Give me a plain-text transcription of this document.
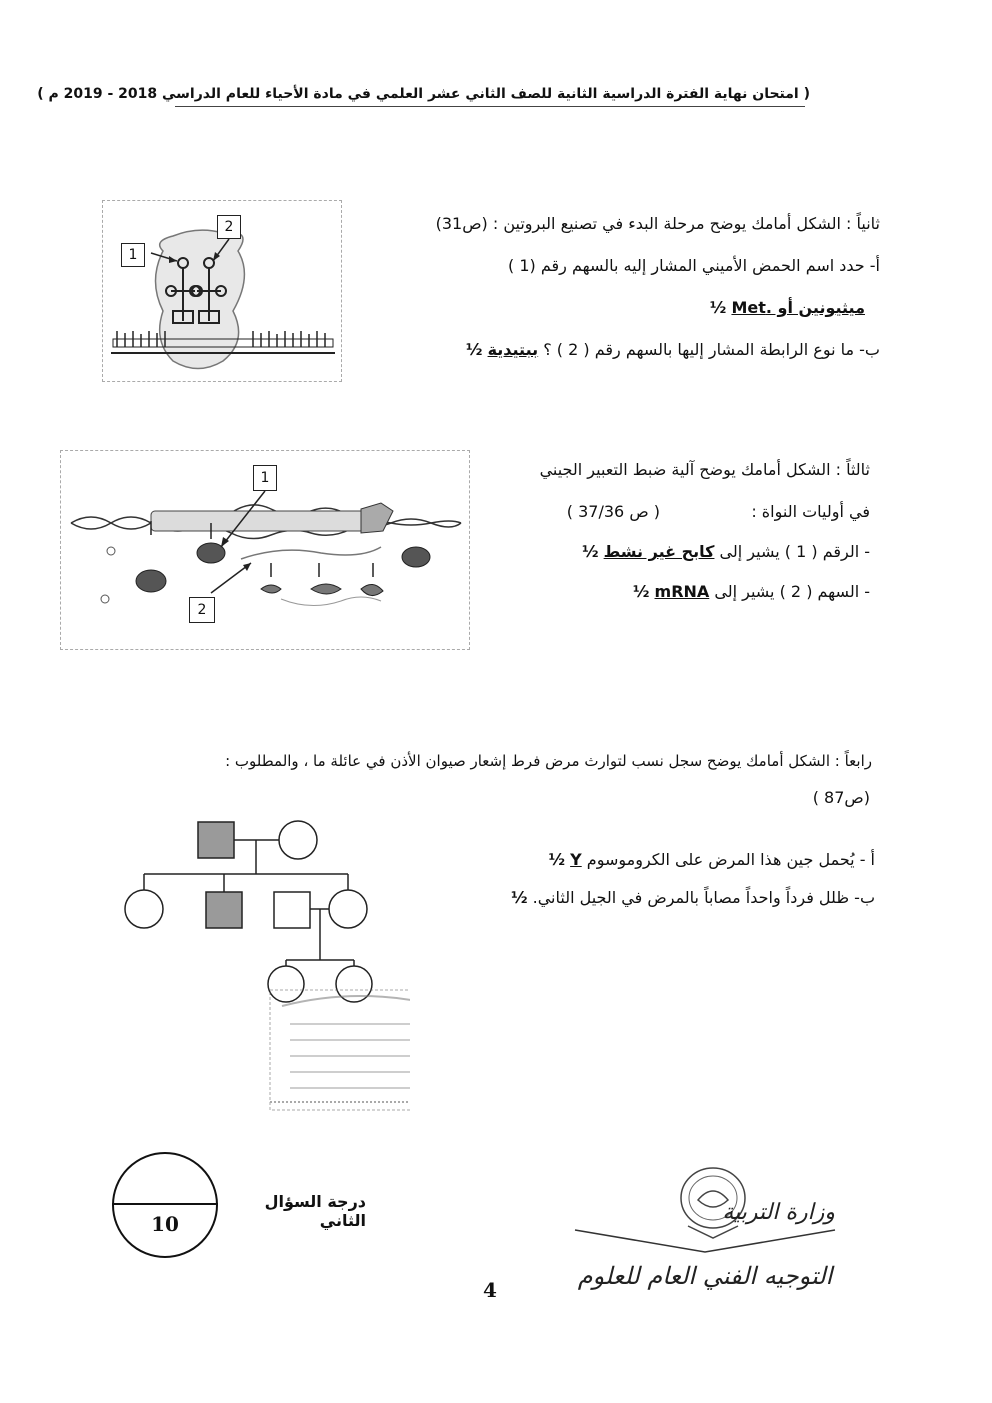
( امتحان نهاية الفترة الدراسية الثانية للصف الثاني عشر العلمي في مادة الأحياء للعام الدراسي 2018 - 2019 م )
1
2	ثانياً : الشكل أمامك يوضح مرحلة البدء في تصنيع البروتين : (ص31)
أ- حدد اسم الحمض الأميني المشار إليه بالسهم رقم (1 )
ميثيونين أو .Met ½
ب- ما نوع الرابطة المشار إليها بالسهم رقم ( 2 ) ؟ ببتيدية ½
1
2
ثالثاً : الشكل أمامك يوضح آلية ضبط التعبير الجيني
في أوليات النواة :
( ص 37/36 )
- الرقم ( 1 ) يشير إلى كابح غير نشط ½
- السهم ( 2 ) يشير إلى mRNA ½
رابعاً : الشكل أمامك يوضح سجل نسب لتوارث مرض فرط إشعار صيوان الأذن في عائلة ما ، والمطلوب :
(ص87 )
أ - يُحمل جين هذا المرض على الكروموسوم Y ½
ب- ظلل فرداً واحداً مصاباً بالمرض في الجيل الثاني. ½
10
درجة السؤال الثاني
4
وزارة التربية
التوجيه الفني العام للعلوم
